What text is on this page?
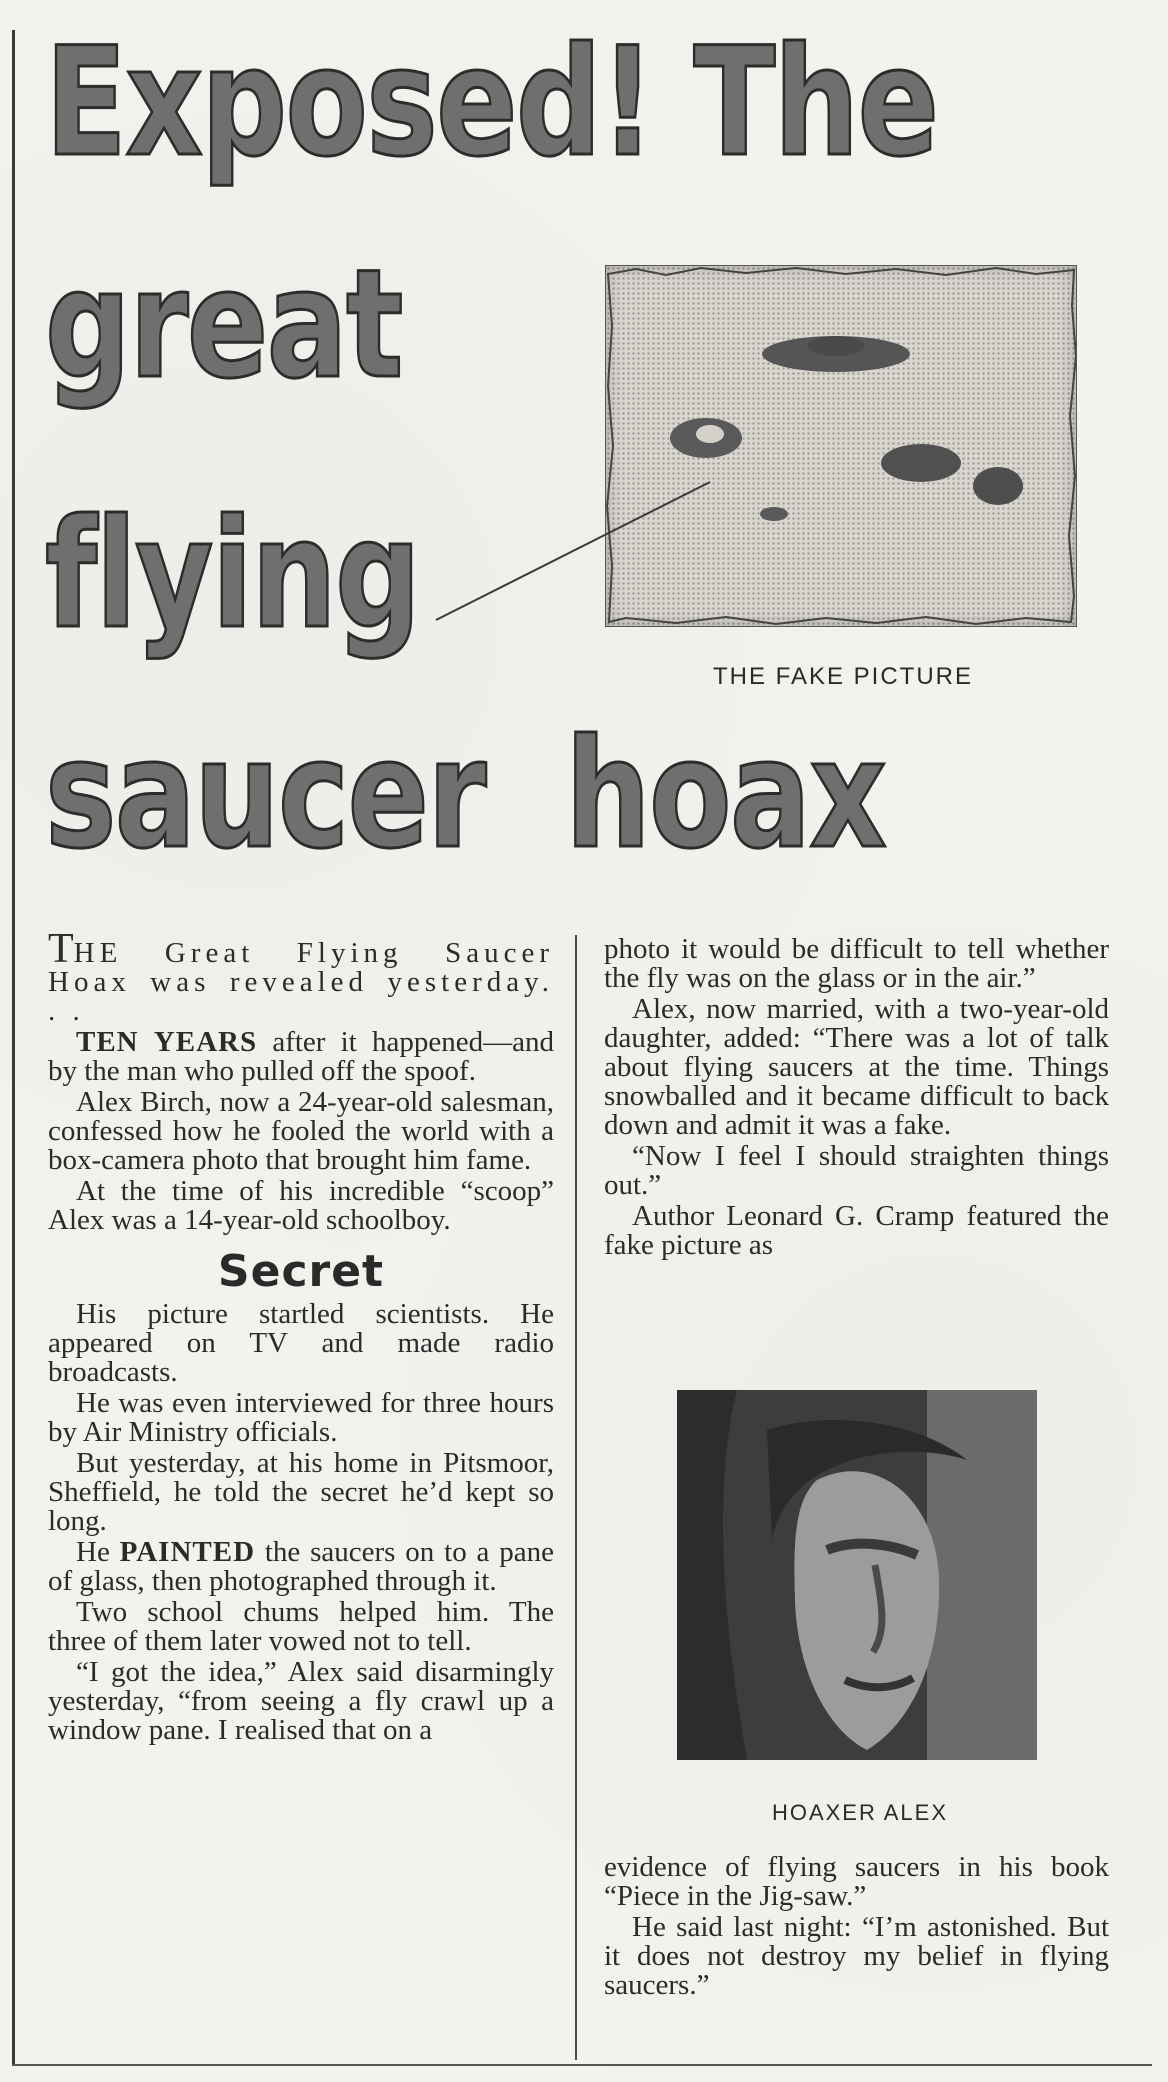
Exposed! The
great
flying
saucer  hoax
THE FAKE PICTURE
HOAXER ALEX

THE Great Flying Saucer Hoax was revealed yesterday. . .

TEN YEARS after it happened—and by the man who pulled off the spoof.

Alex Birch, now a 24-year-old salesman, confessed how he fooled the world with a box-camera photo that brought him fame.

At the time of his incredible “scoop” Alex was a 14-year-old schoolboy.

Secret

His picture startled scientists. He appeared on TV and made radio broadcasts.

He was even interviewed for three hours by Air Ministry officials.

But yesterday, at his home in Pitsmoor, Sheffield, he told the secret he’d kept so long.

He PAINTED the saucers on to a pane of glass, then photographed through it.

Two school chums helped him. The three of them later vowed not to tell.

“I got the idea,” Alex said disarmingly yesterday, “from seeing a fly crawl up a window pane. I realised that on a

photo it would be difficult to tell whether the fly was on the glass or in the air.”

Alex, now married, with a two-year-old daughter, added: “There was a lot of talk about flying saucers at the time. Things snowballed and it became difficult to back down and admit it was a fake.

“Now I feel I should straighten things out.”

Author Leonard G. Cramp featured the fake picture as

evidence of flying saucers in his book “Piece in the Jig-saw.”

He said last night: “I’m astonished. But it does not destroy my belief in flying saucers.”
